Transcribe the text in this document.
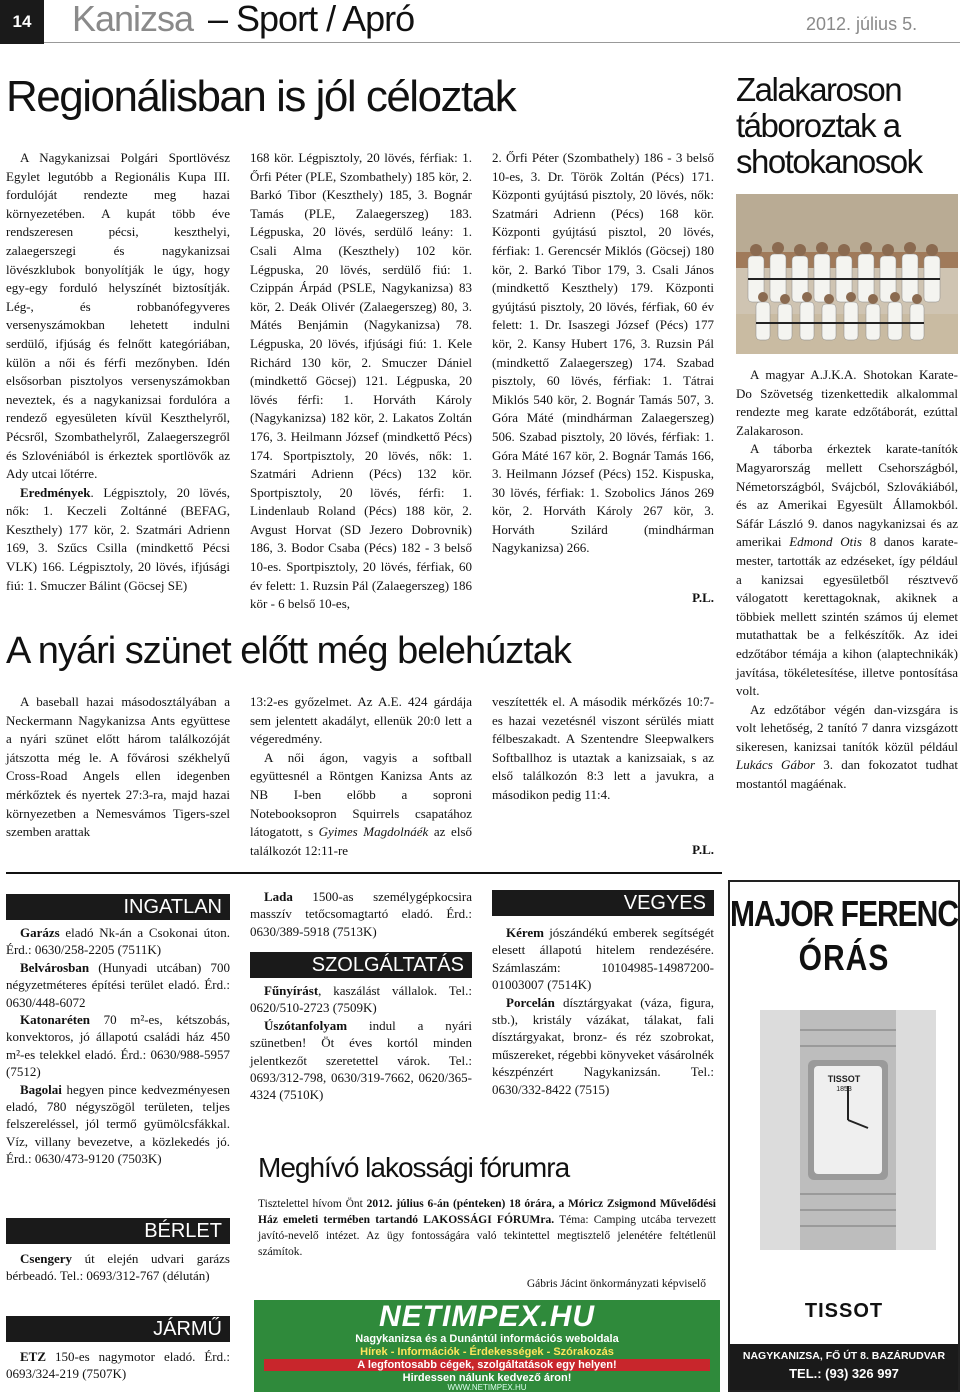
14	Kanizsa – Sport / Apró	2012. július 5.
Regionálisban is jól céloztak
A Nagykanizsai Polgári Sportlövész Egylet legutóbb a Regionális Kupa III. fordulóját rendezte meg hazai környezetében. A kupát több éve rendszeresen pécsi, keszthelyi, zalaegerszegi és nagykanizsai lövészklubok bonyolítják le úgy, hogy egy-egy forduló helyszínét biztosítják. Lég-, és robbanófegyveres versenyszámokban lehetett indulni serdülő, ifjúság és felnőtt kategóriában, külön a női és férfi mezőnyben. Idén elsősorban pisztolyos versenyszámokban neveztek, és a nagykanizsai fordulóra a rendező egyesületen kívül Keszthelyről, Pécsről, Szombathelyről, Zalaegerszegről és Szlovéniából is érkeztek sportlövők az Ady utcai lőtérre.
Eredmények. Légpisztoly, 20 lövés, nők: 1. Keczeli Zoltánné (BEFAG, Keszthely) 177 kör, 2. Szatmári Adrienn 169, 3. Szűcs Csilla (mindkettő Pécsi VLK) 166. Légpisztoly, 20 lövés, ifjúsági fiú: 1. Smuczer Bálint (Göcsej SE)
168 kör. Légpisztoly, 20 lövés, férfiak: 1. Őrfi Péter (PLE, Szombathely) 185 kör, 2. Barkó Tibor (Keszthely) 185, 3. Bognár Tamás (PLE, Zalaegerszeg) 183. Légpuska, 20 lövés, serdülő leány: 1. Csali Alma (Keszthely) 102 kör. Légpuska, 20 lövés, serdülő fiú: 1. Czippán Árpád (PSLE, Nagykanizsa) 83 kör, 2. Deák Olivér (Zalaegerszeg) 80, 3. Mátés Benjámin (Nagykanizsa) 78. Légpuska, 20 lövés, ifjúsági fiú: 1. Kele Richárd 130 kör, 2. Smuczer Dániel (mindkettő Göcsej) 121. Légpuska, 20 lövés férfi: 1. Horváth Károly (Nagykanizsa) 182 kör, 2. Lakatos Zoltán 176, 3. Heilmann József (mindkettő Pécs) 174. Sportpisztoly, 20 lövés, nők: 1. Szatmári Adrienn (Pécs) 132 kör. Sportpisztoly, 20 lövés, férfi: 1. Lindenlaub Roland (Pécs) 188 kör, 2. Avgust Horvat (SD Jezero Dobrovnik) 186, 3. Bodor Csaba (Pécs) 182 - 3 belső 10-es. Sportpisztoly, 20 lövés, férfiak, 60 év felett: 1. Ruzsin Pál (Zalaegerszeg) 186 kör - 6 belső 10-es,
2. Őrfi Péter (Szombathely) 186 - 3 belső 10-es, 3. Dr. Török Zoltán (Pécs) 171. Központi gyújtású pisztoly, 20 lövés, nők: Szatmári Adrienn (Pécs) 168 kör. Központi gyújtású pisztol, 20 lövés, férfiak: 1. Gerencsér Miklós (Göcsej) 180 kör, 2. Barkó Tibor 179, 3. Csali János (mindkettő Keszthely) 179. Központi gyújtású pisztoly, 20 lövés, férfiak, 60 év felett: 1. Dr. Isaszegi József (Pécs) 177 kör, 2. Kansy Hubert 176, 3. Ruzsin Pál (mindkettő Zalaegerszeg) 174. Szabad pisztoly, 60 lövés, férfiak: 1. Tátrai Miklós 540 kör, 2. Bognár Tamás 507, 3. Góra Máté (mindhárman Zalaegerszeg) 506. Szabad pisztoly, 20 lövés, férfiak: 1. Góra Máté 167 kör, 2. Bognár Tamás 166, 3. Heilmann József (Pécs) 152. Kispuska, 30 lövés, férfiak: 1. Szobolics János 269 kör, 2. Horváth Károly 267 kör, 3. Horváth Szilárd (mindhárman Nagykanizsa) 266.
P.L.
A nyári szünet előtt még belehúztak
A baseball hazai másodosztályában a Neckermann Nagykanizsa Ants együttese a nyári szünet előtt három találkozóját játszotta még le. A fővárosi székhelyű Cross-Road Angels ellen idegenben mérkőztek és nyertek 27:3-ra, majd hazai környezetben a Nemesvámos Tigers-szel szemben arattak
13:2-es győzelmet. Az A.E. 424 gárdája sem jelentett akadályt, ellenük 20:0 lett a végeredmény.
A női ágon, vagyis a softball együttesnél a Röntgen Kanizsa Ants az NB I-ben előbb a soproni Notebooksopron Squirrels csapatához látogatott, s Gyimes Magdolnáék az első találkozót 12:11-re
veszítették el. A második mérkőzés 10:7-es hazai vezetésnél viszont sérülés miatt félbeszakadt. A Szentendre Sleepwalkers Softballhoz is utaztak a kanizsaiak, s az első találkozón 8:3 lett a javukra, a másodikon pedig 11:4.
P.L.
Zalakaroson táboroztak a shotokanosok

A magyar A.J.K.A. Shotokan Karate-Do Szövetség tizenkettedik alkalommal rendezte meg karate edzőtáborát, ezúttal Zalakaroson.

A táborba érkeztek karate-tanítók Magyarország mellett Csehországból, Németországból, Svájcból, Szlovákiából, és az Amerikai Egyesült Államokból. Sáfár László 9. danos nagykanizsai és az amerikai Edmond Otis 8 danos karate-mester, tartották az edzéseket, így például a kanizsai egyesületből résztvevő válogatott kerettagoknak, akiknek a többiek mellett szintén számos új elemet mutathattak be a felkészítők. Az idei edzőtábor témája a kihon (alaptechnikák) javítása, tökéletesítése, illetve pontosítása volt.

Az edzőtábor végén dan-vizsgára is volt lehetőség, 2 tanító 7 danra vizsgázott sikeresen, kanizsai tanítók közül például Lukács Gábor 3. dan fokozatot tudhat mostantól magáénak.

INGATLAN
Garázs eladó Nk-án a Csokonai úton. Érd.: 0630/258-2205 (7511K)
Belvárosban (Hunyadi utcában) 700 négyzetméteres építési terület eladó. Érd.: 0630/448-6072
Katonaréten 70 m²-es, kétszobás, konvektoros, jó állapotú családi ház 450 m²-es telekkel eladó. Érd.: 0630/988-5957 (7512)
Bagolai hegyen pince kedvezményesen eladó, 780 négyszögöl területen, teljes felszereléssel, jól termő gyümölcsfákkal. Víz, villany bevezetve, a közlekedés jó. Érd.: 0630/473-9120 (7503K)
BÉRLET
Csengery út elején udvari garázs bérbeadó. Tel.: 0693/312-767 (délután)
JÁRMŰ
ETZ 150-es nagymotor eladó. Érd.: 0693/324-219 (7507K)
Lada 1500-as személygépkocsira masszív tetőcsomagtartó eladó. Érd.: 0630/389-5918 (7513K)
SZOLGÁLTATÁS
Fűnyírást, kaszálást vállalok. Tel.: 0620/510-2723 (7509K)
Úszótanfolyam indul a nyári szünetben! Öt éves kortól minden jelentkezőt szeretettel várok. Tel.: 0693/312-798, 0630/319-7662, 0620/365-4324 (7510K)
VEGYES
Kérem jószándékú emberek segítségét elesett állapotú hitelem rendezésére. Számlaszám: 10104985-14987200-01003007 (7514K)
Porcelán dísztárgyakat (váza, figura, stb.), kristály vázákat, tálakat, fali dísztárgyakat, bronz- és réz szobrokat, műszereket, régebbi könyveket vásárolnék készpénzért Nagykanizsán. Tel.: 0630/332-8422 (7515)
Meghívó lakossági fórumra
Tisztelettel hívom Önt 2012. július 6-án (pénteken) 18 órára, a Móricz Zsigmond Művelődési Ház emeleti termében tartandó LAKOSSÁGI FÓRUMra. Téma: Camping utcába tervezett javító-nevelő intézet. Az ügy fontosságára való tekintettel megtisztelő jelenétére feltétlenül számítok.
Gábris Jácint önkormányzati képviselő
NETIMPEX.HU
Nagykanizsa és a Dunántúl információs weboldala
Hírek - Információk - Érdekességek - Szórakozás
A legfontosabb cégek, szolgáltatások egy helyen!
Hirdessen nálunk kedvező áron!
WWW.NETIMPEX.HU
MAJOR FERENC
ÓRÁS
TISSOT
1853
TISSOT
NAGYKANIZSA, FŐ ÚT 8. BAZÁRUDVAR
TEL.: (93) 326 997
